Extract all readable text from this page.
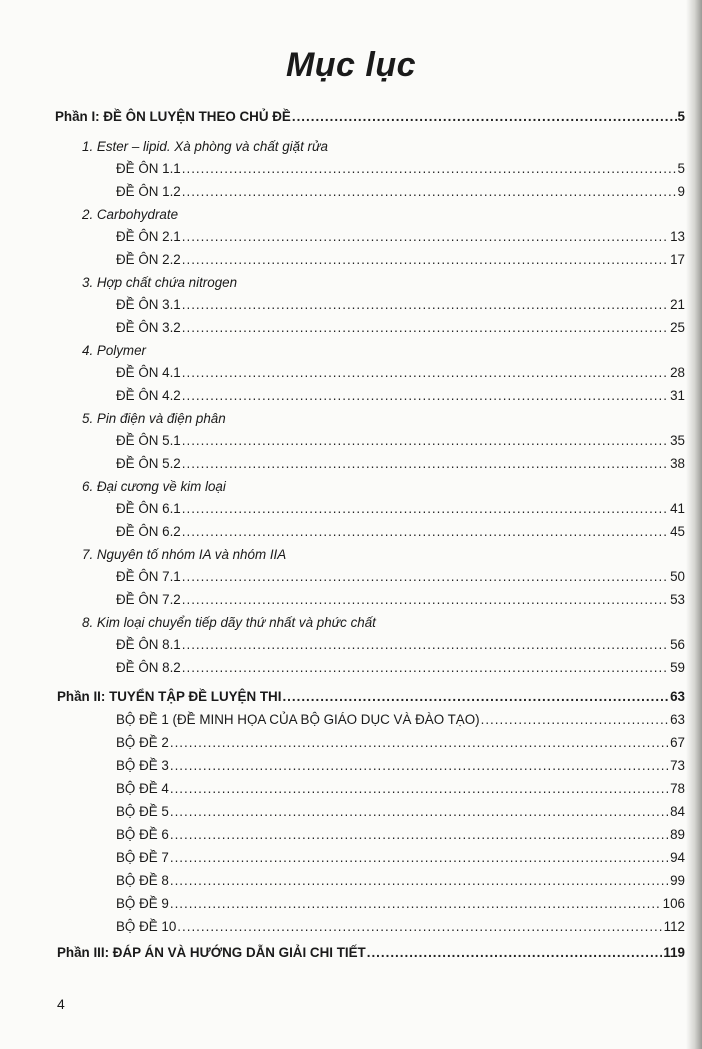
Mục lục
Phần I: ĐỀ ÔN LUYỆN THEO CHỦ ĐỀ .....	5
1. Ester – lipid. Xà phòng và chất giặt rửa
ĐỀ ÔN 1.1 .....	5
ĐỀ ÔN 1.2 .....	9
2. Carbohydrate
ĐỀ ÔN 2.1 .....	13
ĐỀ ÔN 2.2 .....	17
3. Hợp chất chứa nitrogen
ĐỀ ÔN 3.1 .....	21
ĐỀ ÔN 3.2 .....	25
4. Polymer
ĐỀ ÔN 4.1 .....	28
ĐỀ ÔN 4.2 .....	31
5. Pin điện và điện phân
ĐỀ ÔN 5.1 .....	35
ĐỀ ÔN 5.2 .....	38
6. Đại cương về kim loại
ĐỀ ÔN 6.1 .....	41
ĐỀ ÔN 6.2 .....	45
7. Nguyên tố nhóm IA và nhóm IIA
ĐỀ ÔN 7.1 .....	50
ĐỀ ÔN 7.2 .....	53
8. Kim loại chuyển tiếp dãy thứ nhất và phức chất
ĐỀ ÔN 8.1 .....	56
ĐỀ ÔN 8.2 .....	59
Phần II: TUYỂN TẬP ĐỀ LUYỆN THI .....	63
BỘ ĐỀ 1 (ĐỀ MINH HỌA CỦA BỘ GIÁO DỤC VÀ ĐÀO TẠO) .....	63
BỘ ĐỀ 2 .....	67
BỘ ĐỀ 3 .....	73
BỘ ĐỀ 4 .....	78
BỘ ĐỀ 5 .....	84
BỘ ĐỀ 6 .....	89
BỘ ĐỀ 7 .....	94
BỘ ĐỀ 8 .....	99
BỘ ĐỀ 9 .....	106
BỘ ĐỀ 10 .....	112
Phần III: ĐÁP ÁN VÀ HƯỚNG DẪN GIẢI CHI TIẾT .....	119
4
